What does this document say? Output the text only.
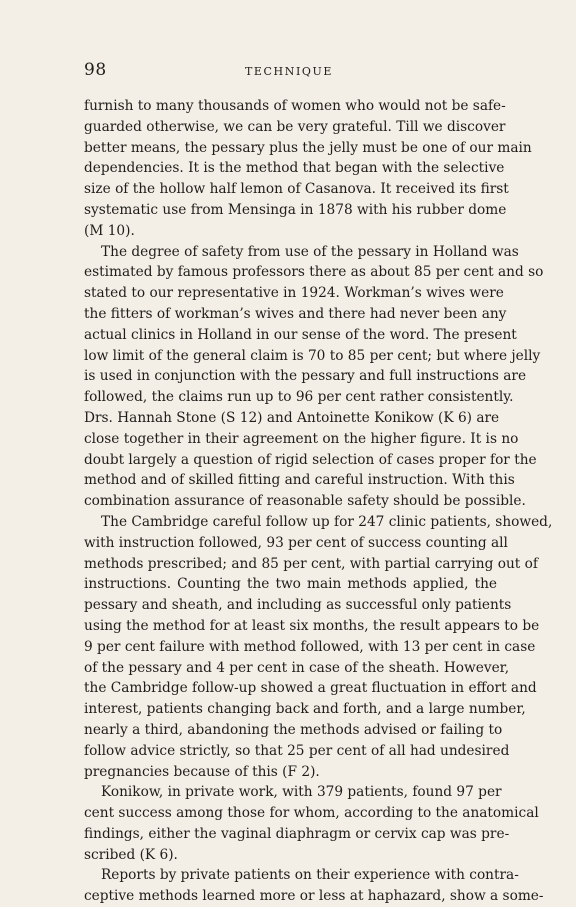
98	TECHNIQUE

furnish to many thousands of women who would not be safe-
guarded otherwise, we can be very grateful. Till we discover
better means, the pessary plus the jelly must be one of our main
dependencies. It is the method that began with the selective
size of the hollow half lemon of Casanova. It received its first
systematic use from Mensinga in 1878 with his rubber dome
(M 10).

The degree of safety from use of the pessary in Holland was
estimated by famous professors there as about 85 per cent and so
stated to our representative in 1924. Workman’s wives were
the fitters of workman’s wives and there had never been any
actual clinics in Holland in our sense of the word. The present
low limit of the general claim is 70 to 85 per cent; but where jelly
is used in conjunction with the pessary and full instructions are
followed, the claims run up to 96 per cent rather consistently.
Drs. Hannah Stone (S 12) and Antoinette Konikow (K 6) are
close together in their agreement on the higher figure. It is no
doubt largely a question of rigid selection of cases proper for the
method and of skilled fitting and careful instruction. With this
combination assurance of reasonable safety should be possible.

The Cambridge careful follow up for 247 clinic patients, showed,
with instruction followed, 93 per cent of success counting all
methods prescribed; and 85 per cent, with partial carrying out of
instructions. Counting the two main methods applied, the
pessary and sheath, and including as successful only patients
using the method for at least six months, the result appears to be
9 per cent failure with method followed, with 13 per cent in case
of the pessary and 4 per cent in case of the sheath. However,
the Cambridge follow-up showed a great fluctuation in effort and
interest, patients changing back and forth, and a large number,
nearly a third, abandoning the methods advised or failing to
follow advice strictly, so that 25 per cent of all had undesired
pregnancies because of this (F 2).

Konikow, in private work, with 379 patients, found 97 per
cent success among those for whom, according to the anatomical
findings, either the vaginal diaphragm or cervix cap was pre-
scribed (K 6).

Reports by private patients on their experience with contra-
ceptive methods learned more or less at haphazard, show a some-
